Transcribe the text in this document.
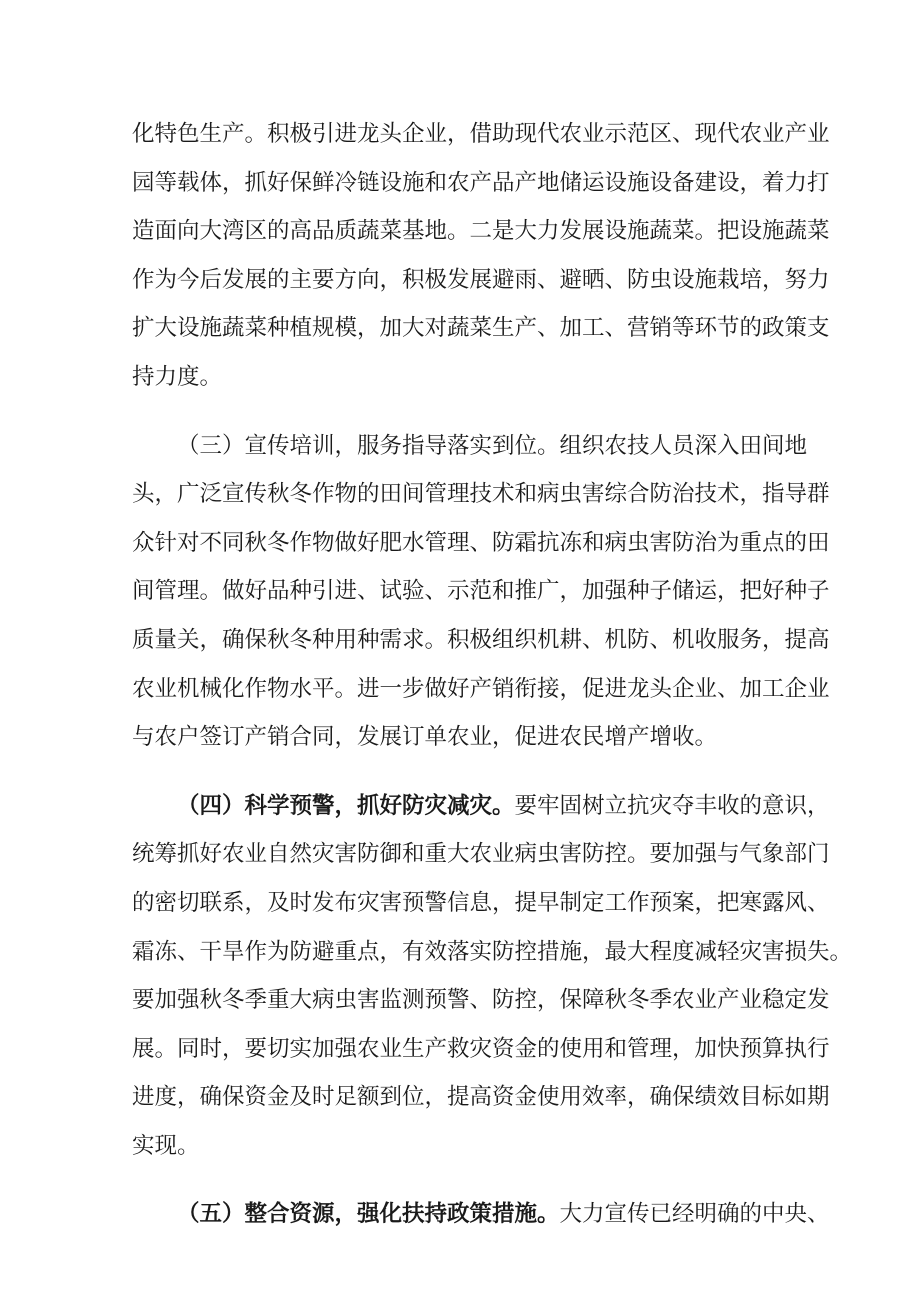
化特色生产。积极引进龙头企业，借助现代农业示范区、现代农业产业
园等载体，抓好保鲜冷链设施和农产品产地储运设施设备建设，着力打
造面向大湾区的高品质蔬菜基地。二是大力发展设施蔬菜。把设施蔬菜
作为今后发展的主要方向，积极发展避雨、避晒、防虫设施栽培，努力
扩大设施蔬菜种植规模，加大对蔬菜生产、加工、营销等环节的政策支
持力度。
（三）宣传培训，服务指导落实到位。组织农技人员深入田间地
头，广泛宣传秋冬作物的田间管理技术和病虫害综合防治技术，指导群
众针对不同秋冬作物做好肥水管理、防霜抗冻和病虫害防治为重点的田
间管理。做好品种引进、试验、示范和推广，加强种子储运，把好种子
质量关，确保秋冬种用种需求。积极组织机耕、机防、机收服务，提高
农业机械化作物水平。进一步做好产销衔接，促进龙头企业、加工企业
与农户签订产销合同，发展订单农业，促进农民增产增收。
（四）科学预警，抓好防灾减灾。要牢固树立抗灾夺丰收的意识，
统筹抓好农业自然灾害防御和重大农业病虫害防控。要加强与气象部门
的密切联系，及时发布灾害预警信息，提早制定工作预案，把寒露风、
霜冻、干旱作为防避重点，有效落实防控措施，最大程度减轻灾害损失。
要加强秋冬季重大病虫害监测预警、防控，保障秋冬季农业产业稳定发
展。同时，要切实加强农业生产救灾资金的使用和管理，加快预算执行
进度，确保资金及时足额到位，提高资金使用效率，确保绩效目标如期
实现。
（五）整合资源，强化扶持政策措施。大力宣传已经明确的中央、
